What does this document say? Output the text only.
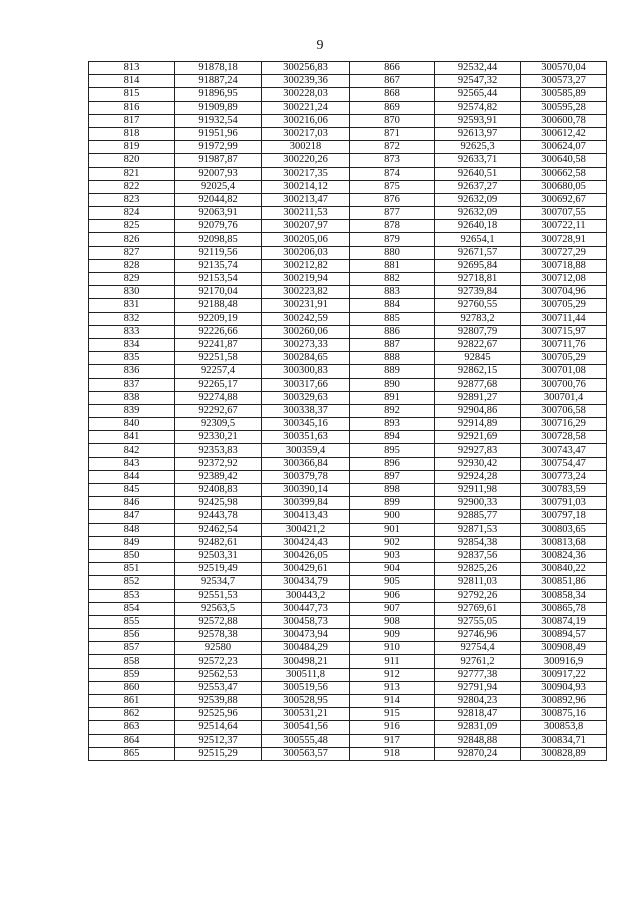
9
813	91878,18	300256,83	866	92532,44	300570,04
814	91887,24	300239,36	867	92547,32	300573,27
815	91896,95	300228,03	868	92565,44	300585,89
816	91909,89	300221,24	869	92574,82	300595,28
817	91932,54	300216,06	870	92593,91	300600,78
818	91951,96	300217,03	871	92613,97	300612,42
819	91972,99	300218	872	92625,3	300624,07
820	91987,87	300220,26	873	92633,71	300640,58
821	92007,93	300217,35	874	92640,51	300662,58
822	92025,4	300214,12	875	92637,27	300680,05
823	92044,82	300213,47	876	92632,09	300692,67
824	92063,91	300211,53	877	92632,09	300707,55
825	92079,76	300207,97	878	92640,18	300722,11
826	92098,85	300205,06	879	92654,1	300728,91
827	92119,56	300206,03	880	92671,57	300727,29
828	92135,74	300212,82	881	92695,84	300718,88
829	92153,54	300219,94	882	92718,81	300712,08
830	92170,04	300223,82	883	92739,84	300704,96
831	92188,48	300231,91	884	92760,55	300705,29
832	92209,19	300242,59	885	92783,2	300711,44
833	92226,66	300260,06	886	92807,79	300715,97
834	92241,87	300273,33	887	92822,67	300711,76
835	92251,58	300284,65	888	92845	300705,29
836	92257,4	300300,83	889	92862,15	300701,08
837	92265,17	300317,66	890	92877,68	300700,76
838	92274,88	300329,63	891	92891,27	300701,4
839	92292,67	300338,37	892	92904,86	300706,58
840	92309,5	300345,16	893	92914,89	300716,29
841	92330,21	300351,63	894	92921,69	300728,58
842	92353,83	300359,4	895	92927,83	300743,47
843	92372,92	300366,84	896	92930,42	300754,47
844	92389,42	300379,78	897	92924,28	300773,24
845	92408,83	300390,14	898	92911,98	300783,59
846	92425,98	300399,84	899	92900,33	300791,03
847	92443,78	300413,43	900	92885,77	300797,18
848	92462,54	300421,2	901	92871,53	300803,65
849	92482,61	300424,43	902	92854,38	300813,68
850	92503,31	300426,05	903	92837,56	300824,36
851	92519,49	300429,61	904	92825,26	300840,22
852	92534,7	300434,79	905	92811,03	300851,86
853	92551,53	300443,2	906	92792,26	300858,34
854	92563,5	300447,73	907	92769,61	300865,78
855	92572,88	300458,73	908	92755,05	300874,19
856	92578,38	300473,94	909	92746,96	300894,57
857	92580	300484,29	910	92754,4	300908,49
858	92572,23	300498,21	911	92761,2	300916,9
859	92562,53	300511,8	912	92777,38	300917,22
860	92553,47	300519,56	913	92791,94	300904,93
861	92539,88	300528,95	914	92804,23	300892,96
862	92525,96	300531,21	915	92818,47	300875,16
863	92514,64	300541,56	916	92831,09	300853,8
864	92512,37	300555,48	917	92848,88	300834,71
865	92515,29	300563,57	918	92870,24	300828,89
